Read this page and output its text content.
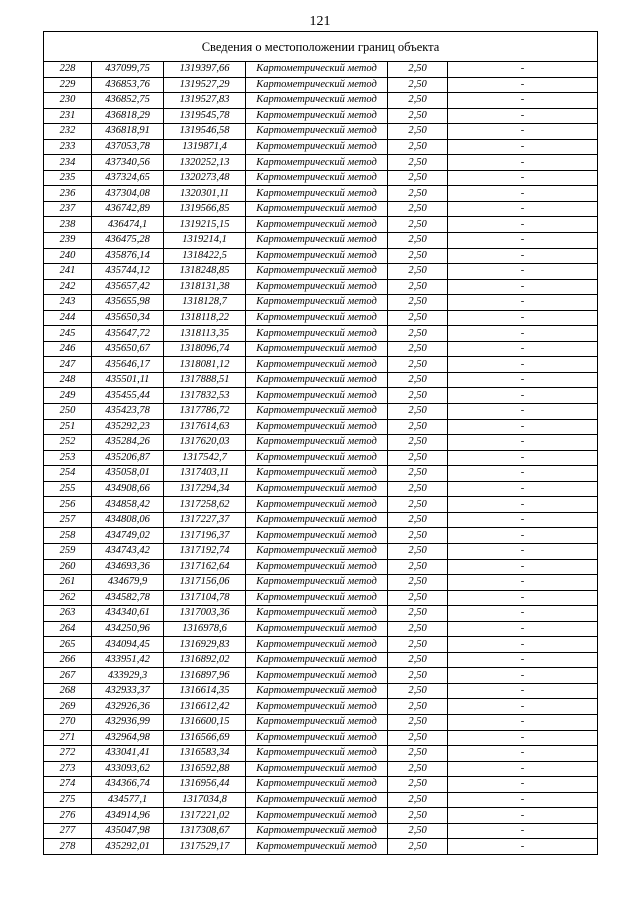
121
Сведения о местоположении границ объекта					
228	437099,75	1319397,66	Картометрический метод	2,50	-
229	436853,76	1319527,29	Картометрический метод	2,50	-
230	436852,75	1319527,83	Картометрический метод	2,50	-
231	436818,29	1319545,78	Картометрический метод	2,50	-
232	436818,91	1319546,58	Картометрический метод	2,50	-
233	437053,78	1319871,4	Картометрический метод	2,50	-
234	437340,56	1320252,13	Картометрический метод	2,50	-
235	437324,65	1320273,48	Картометрический метод	2,50	-
236	437304,08	1320301,11	Картометрический метод	2,50	-
237	436742,89	1319566,85	Картометрический метод	2,50	-
238	436474,1	1319215,15	Картометрический метод	2,50	-
239	436475,28	1319214,1	Картометрический метод	2,50	-
240	435876,14	1318422,5	Картометрический метод	2,50	-
241	435744,12	1318248,85	Картометрический метод	2,50	-
242	435657,42	1318131,38	Картометрический метод	2,50	-
243	435655,98	1318128,7	Картометрический метод	2,50	-
244	435650,34	1318118,22	Картометрический метод	2,50	-
245	435647,72	1318113,35	Картометрический метод	2,50	-
246	435650,67	1318096,74	Картометрический метод	2,50	-
247	435646,17	1318081,12	Картометрический метод	2,50	-
248	435501,11	1317888,51	Картометрический метод	2,50	-
249	435455,44	1317832,53	Картометрический метод	2,50	-
250	435423,78	1317786,72	Картометрический метод	2,50	-
251	435292,23	1317614,63	Картометрический метод	2,50	-
252	435284,26	1317620,03	Картометрический метод	2,50	-
253	435206,87	1317542,7	Картометрический метод	2,50	-
254	435058,01	1317403,11	Картометрический метод	2,50	-
255	434908,66	1317294,34	Картометрический метод	2,50	-
256	434858,42	1317258,62	Картометрический метод	2,50	-
257	434808,06	1317227,37	Картометрический метод	2,50	-
258	434749,02	1317196,37	Картометрический метод	2,50	-
259	434743,42	1317192,74	Картометрический метод	2,50	-
260	434693,36	1317162,64	Картометрический метод	2,50	-
261	434679,9	1317156,06	Картометрический метод	2,50	-
262	434582,78	1317104,78	Картометрический метод	2,50	-
263	434340,61	1317003,36	Картометрический метод	2,50	-
264	434250,96	1316978,6	Картометрический метод	2,50	-
265	434094,45	1316929,83	Картометрический метод	2,50	-
266	433951,42	1316892,02	Картометрический метод	2,50	-
267	433929,3	1316897,96	Картометрический метод	2,50	-
268	432933,37	1316614,35	Картометрический метод	2,50	-
269	432926,36	1316612,42	Картометрический метод	2,50	-
270	432936,99	1316600,15	Картометрический метод	2,50	-
271	432964,98	1316566,69	Картометрический метод	2,50	-
272	433041,41	1316583,34	Картометрический метод	2,50	-
273	433093,62	1316592,88	Картометрический метод	2,50	-
274	434366,74	1316956,44	Картометрический метод	2,50	-
275	434577,1	1317034,8	Картометрический метод	2,50	-
276	434914,96	1317221,02	Картометрический метод	2,50	-
277	435047,98	1317308,67	Картометрический метод	2,50	-
278	435292,01	1317529,17	Картометрический метод	2,50	-
